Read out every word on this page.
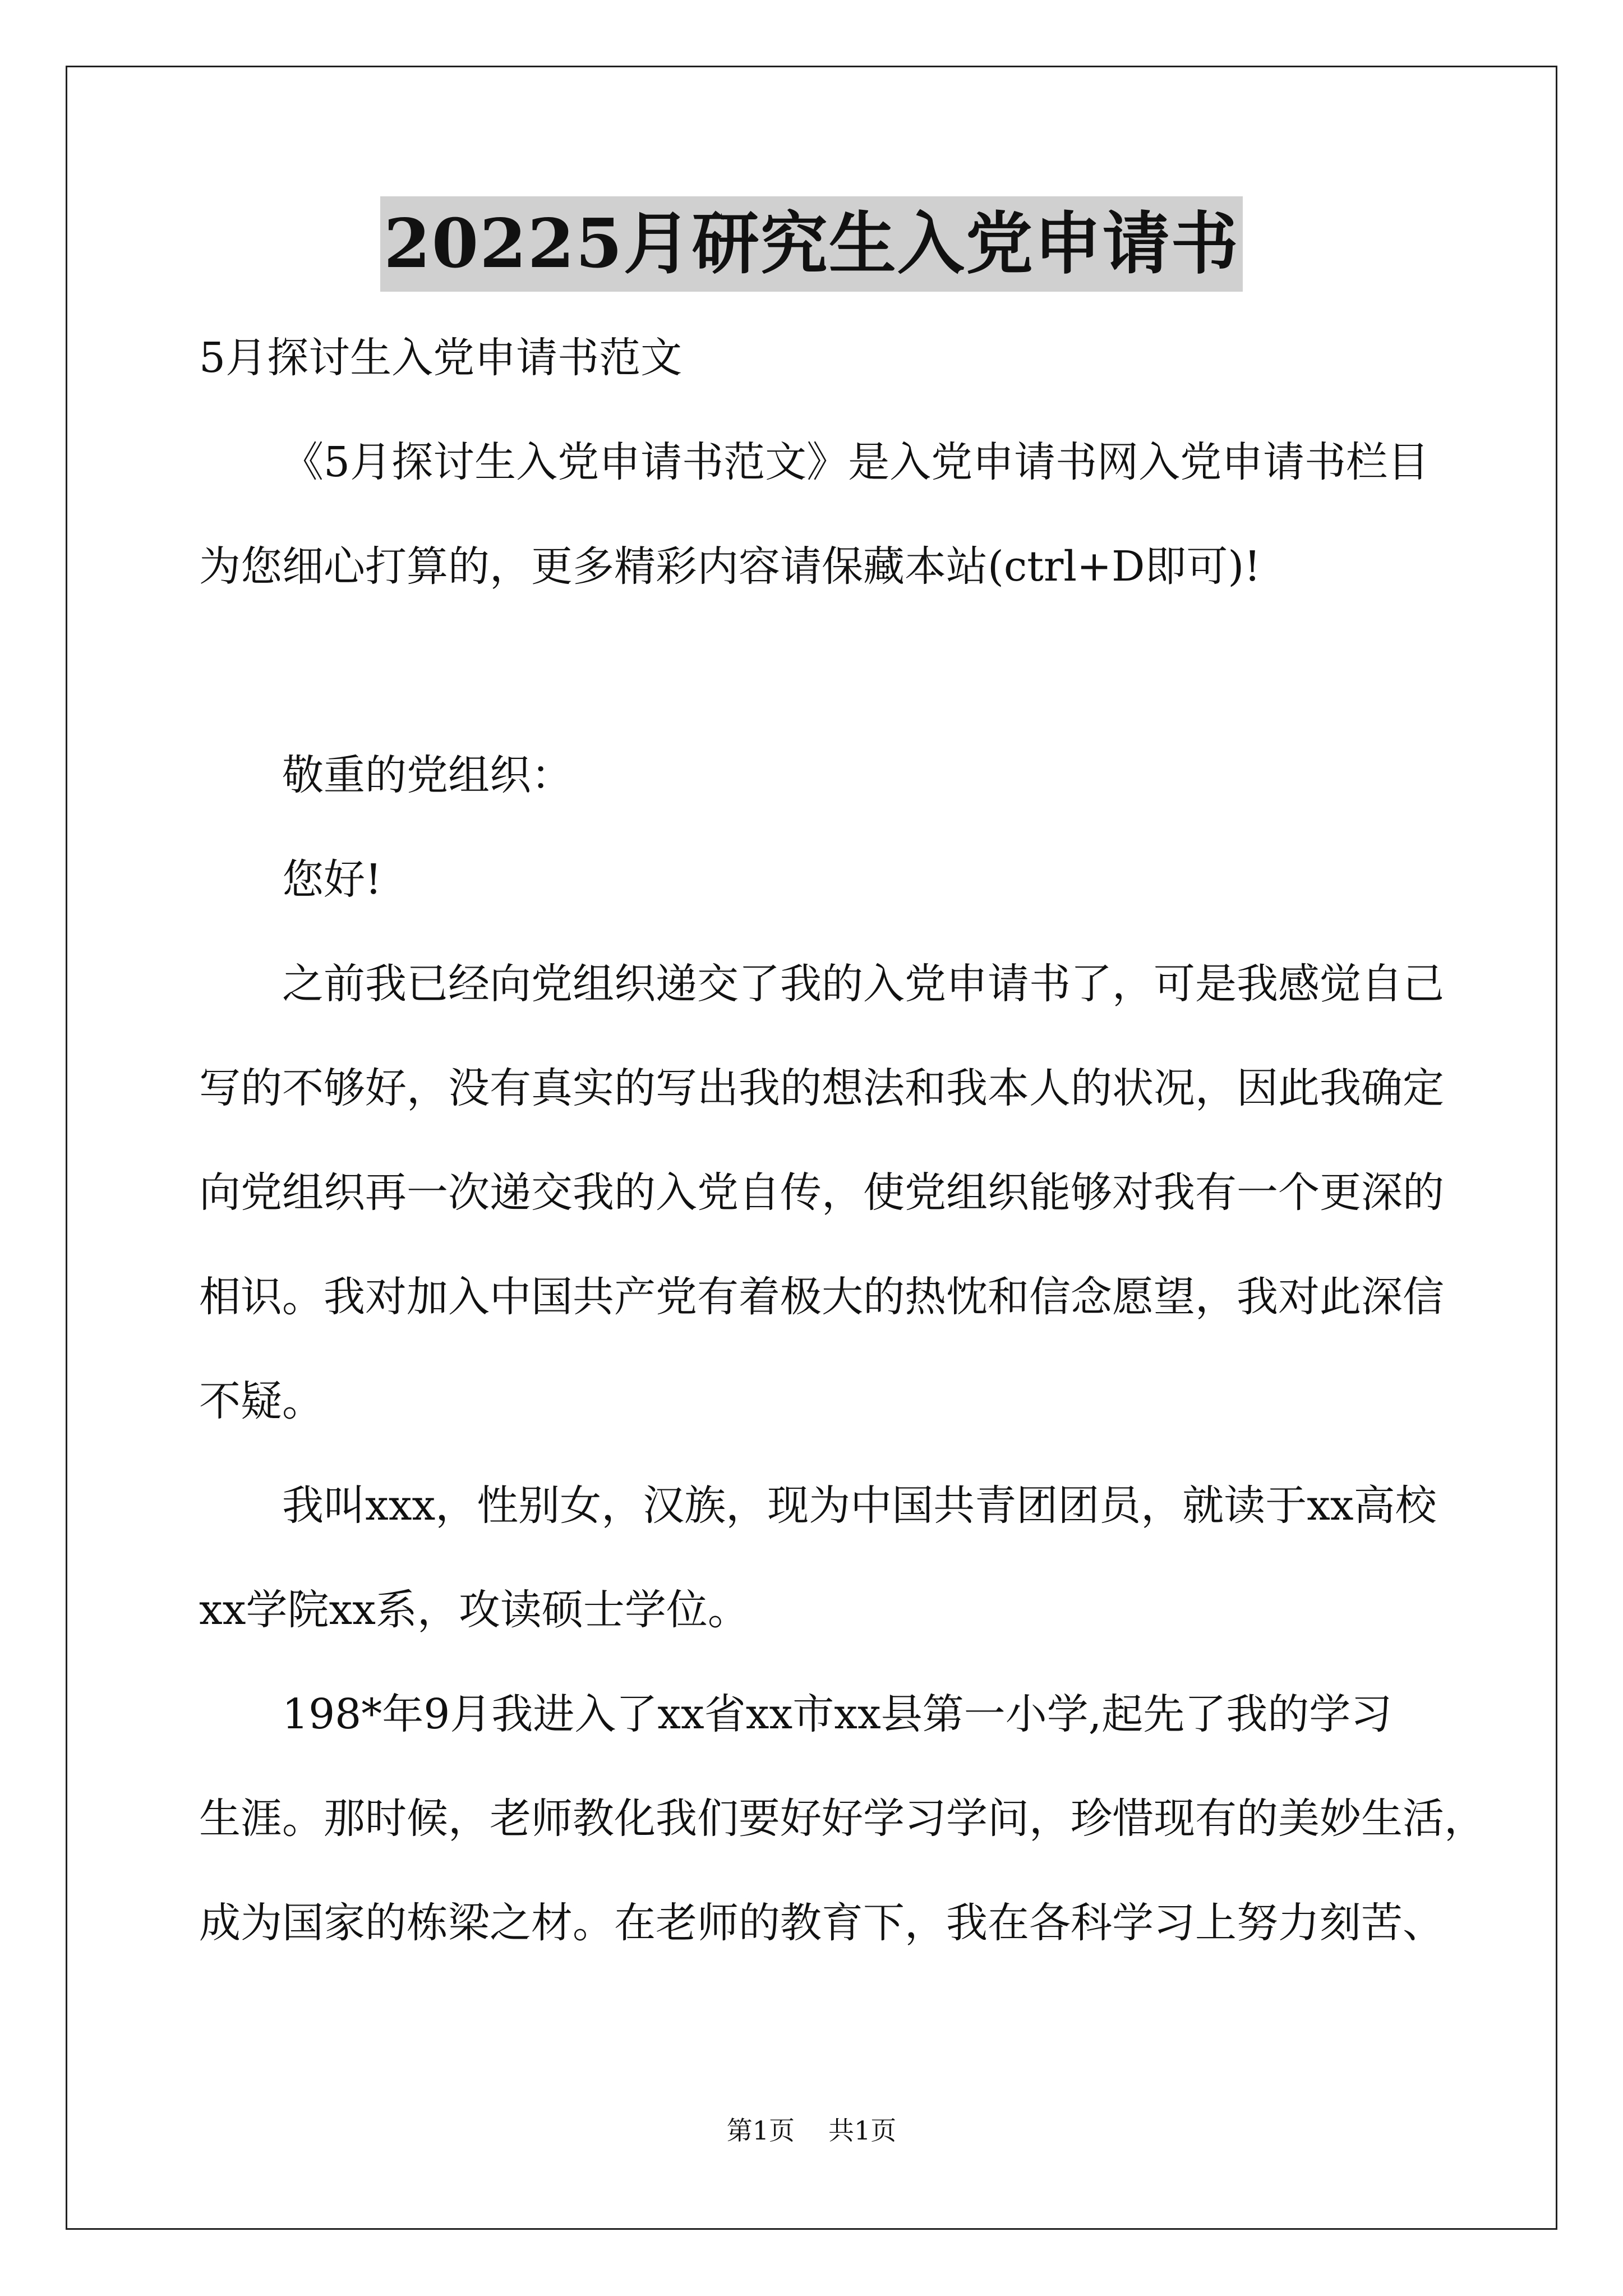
20225月研究生入党申请书
5月探讨生入党申请书范文
《5月探讨生入党申请书范文》是入党申请书网入党申请书栏目
为您细心打算的，更多精彩内容请保藏本站(ctrl+D即可)!
敬重的党组织：
您好!
之前我已经向党组织递交了我的入党申请书了，可是我感觉自己
写的不够好，没有真实的写出我的想法和我本人的状况，因此我确定
向党组织再一次递交我的入党自传，使党组织能够对我有一个更深的
相识。我对加入中国共产党有着极大的热忱和信念愿望，我对此深信
不疑。
我叫xxx，性别女，汉族，现为中国共青团团员，就读于xx高校
xx学院xx系，攻读硕士学位。
198*年9月我进入了xx省xx市xx县第一小学,起先了我的学习
生涯。那时候，老师教化我们要好好学习学问，珍惜现有的美妙生活，
成为国家的栋梁之材。在老师的教育下，我在各科学习上努力刻苦、
第1页 共1页
